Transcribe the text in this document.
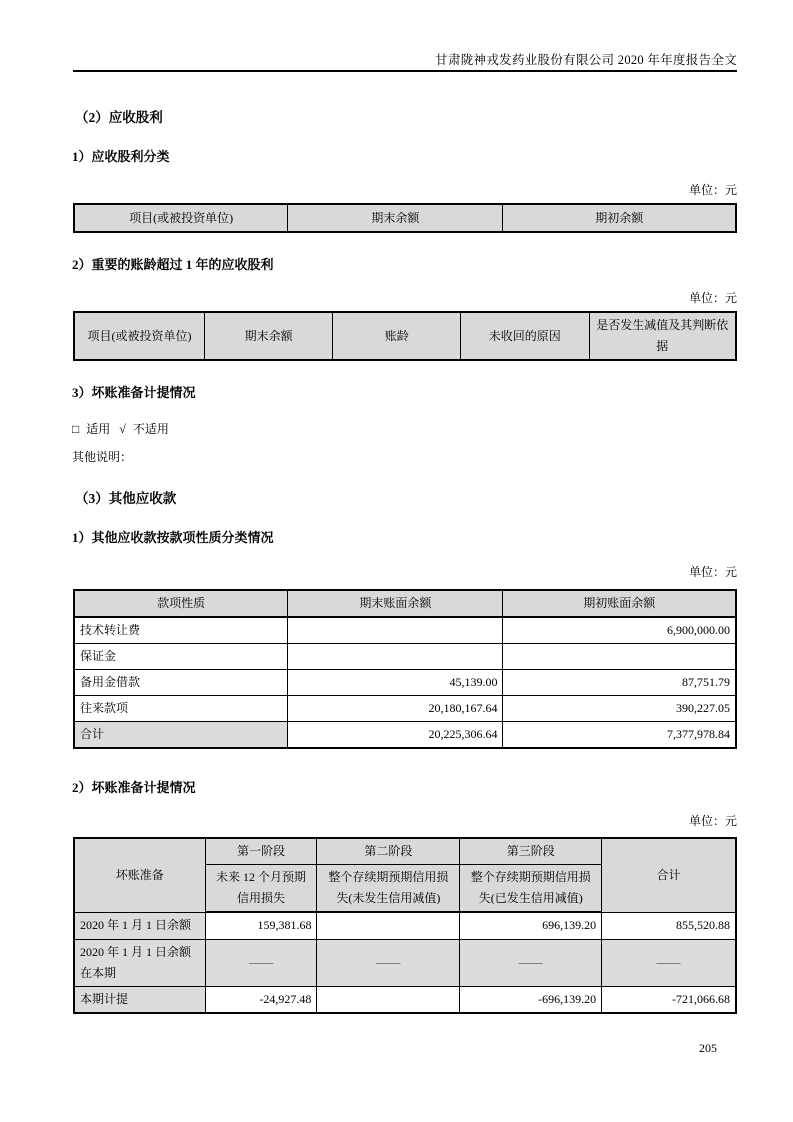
甘肃陇神戎发药业股份有限公司 2020 年年度报告全文
（2）应收股利
1）应收股利分类
单位：元
项目(或被投资单位)	期末余额	期初余额
2）重要的账龄超过 1 年的应收股利
单位：元
项目(或被投资单位)	期末余额	账龄	未收回的原因	是否发生减值及其判断依据
3）坏账准备计提情况
□ 适用 √ 不适用
其他说明：
（3）其他应收款
1）其他应收款按款项性质分类情况
单位：元
款项性质	期末账面余额	期初账面余额
技术转让费		6,900,000.00
保证金		
备用金借款	45,139.00	87,751.79
往来款项	20,180,167.64	390,227.05
合计	20,225,306.64	7,377,978.84
2）坏账准备计提情况
单位：元
坏账准备	第一阶段	第二阶段	第三阶段	合计
	未来 12 个月预期信用损失	整个存续期预期信用损失(未发生信用减值)	整个存续期预期信用损失(已发生信用减值)	
2020 年 1 月 1 日余额	159,381.68		696,139.20	855,520.88
2020 年 1 月 1 日余额在本期	——	——	——	——
本期计提	-24,927.48		-696,139.20	-721,066.68
205
